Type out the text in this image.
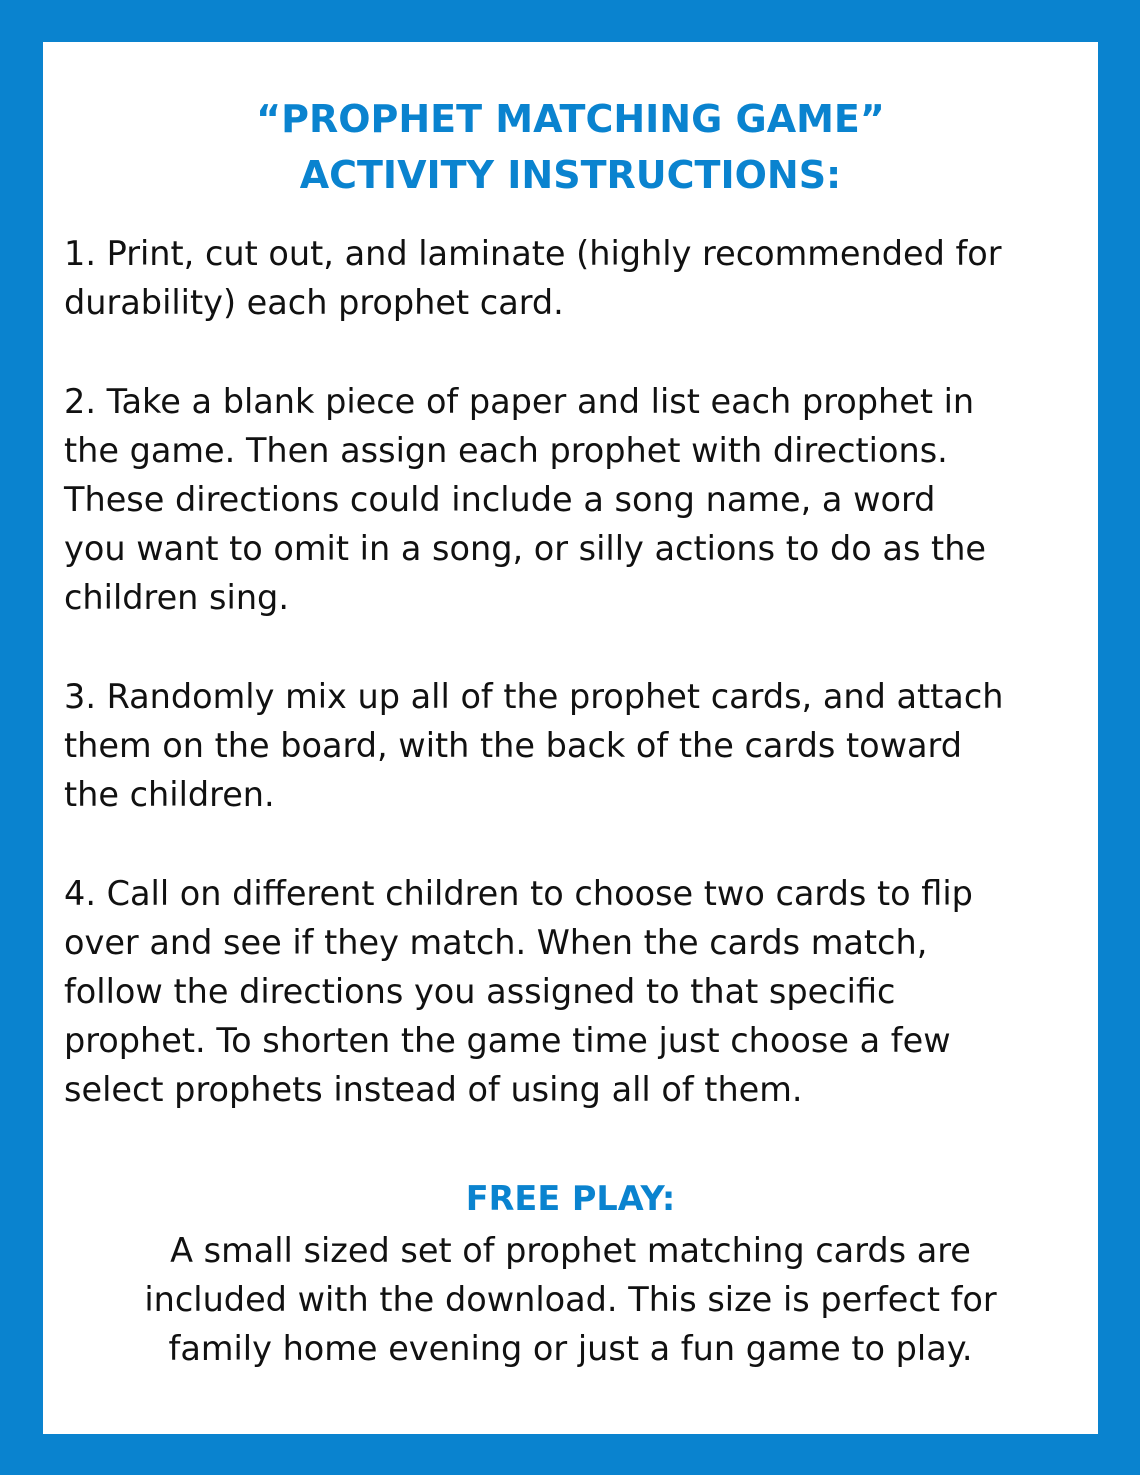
“PROPHET MATCHING GAME”
ACTIVITY INSTRUCTIONS:

1. Print, cut out, and laminate (highly recommended for
durability) each prophet card.

2. Take a blank piece of paper and list each prophet in
the game. Then assign each prophet with directions.
These directions could include a song name, a word
you want to omit in a song, or silly actions to do as the
children sing.

3. Randomly mix up all of the prophet cards, and attach
them on the board, with the back of the cards toward
the children.

4. Call on different children to choose two cards to flip
over and see if they match. When the cards match,
follow the directions you assigned to that specific
prophet. To shorten the game time just choose a few
select prophets instead of using all of them.

FREE PLAY:
A small sized set of prophet matching cards are
included with the download. This size is perfect for
family home evening or just a fun game to play.
